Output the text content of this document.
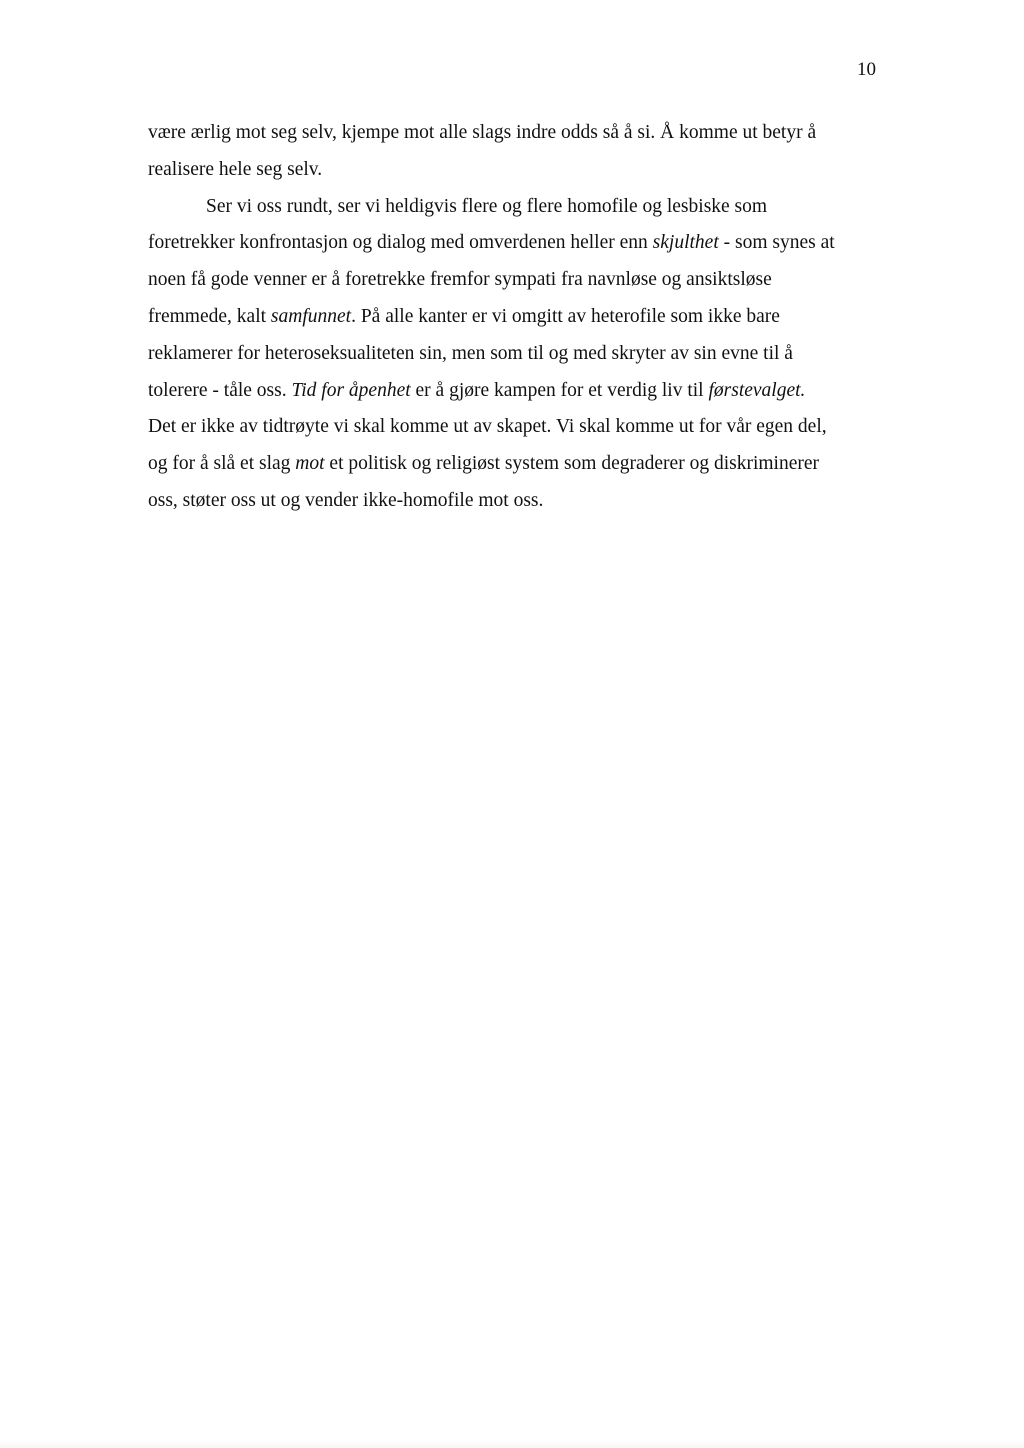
10
være ærlig mot seg selv, kjempe mot alle slags indre odds så å si. Å komme ut betyr å
realisere hele seg selv.
Ser vi oss rundt, ser vi heldigvis flere og flere homofile og lesbiske som
foretrekker konfrontasjon og dialog med omverdenen heller enn skjulthet - som synes at
noen få gode venner er å foretrekke fremfor sympati fra navnløse og ansiktsløse
fremmede, kalt samfunnet. På alle kanter er vi omgitt av heterofile som ikke bare
reklamerer for heteroseksualiteten sin, men som til og med skryter av sin evne til å
tolerere - tåle oss. Tid for åpenhet er å gjøre kampen for et verdig liv til førstevalget.
Det er ikke av tidtrøyte vi skal komme ut av skapet. Vi skal komme ut for vår egen del,
og for å slå et slag mot et politisk og religiøst system som degraderer og diskriminerer
oss, støter oss ut og vender ikke-homofile mot oss.
